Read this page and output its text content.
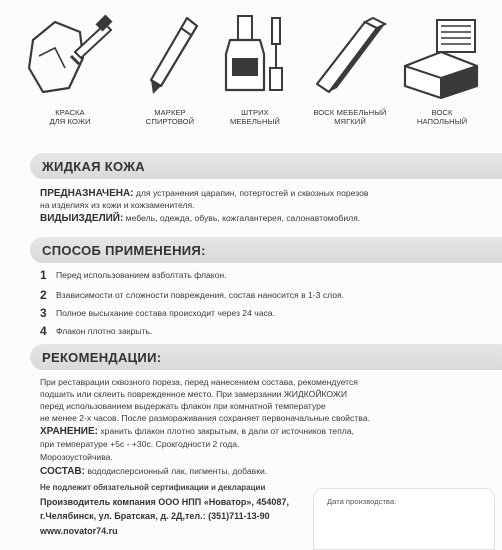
КРАСКА
ДЛЯ КОЖИ
МАРКЕР
СПИРТОВОЙ
ШТРИХ
МЕБЕЛЬНЫЙ
ВОСК МЕБЕЛЬНЫЙ
МЯГКИЙ
ВОСК
НАПОЛЬНЫЙ
ЖИДКАЯ КОЖА
ПРЕДНАЗНАЧЕНА: для устранения царапин, потертостей и сквозных порезов
на изделиях из кожи и кожзаменителя.
ВИДЫИЗДЕЛИЙ: мебель, одежда, обувь, кожгалантерея, салонавтомобиля.
СПОСОБ ПРИМЕНЕНИЯ:
1	Перед использованием взболтать флакон.
2	Взависимости от сложности повреждения, состав наносится в 1-3 слоя.
3	Полное высыхание состава происходит через 24 часа.
4	Флакон плотно закрыть.
РЕКОМЕНДАЦИИ:
При реставрации сквозного пореза, перед нанесением состава, рекомендуется
подшить или склеить поврежденное место. При замерзании ЖИДКОЙКОЖИ
перед использованием выдержать флакон при комнатной температуре
не менее 2-х часов. После размораживания сохраняет первоначальные свойства.
ХРАНЕНИЕ: хранить флакон плотно закрытым, в дали от источников тепла,
при температуре +5с - +30с. Срокгодности 2 года.
Морозоустойчива.
СОСТАВ: вододисперсионный лак, пигменты, добавки.
Не подлежит обязательной сертификации и декларации
Производитель компания ООО НПП «Новатор», 454087,
г.Челябинск, ул. Братская, д. 2Д,тел.: (351)711-13-90
www.novator74.ru
Дата производства:
